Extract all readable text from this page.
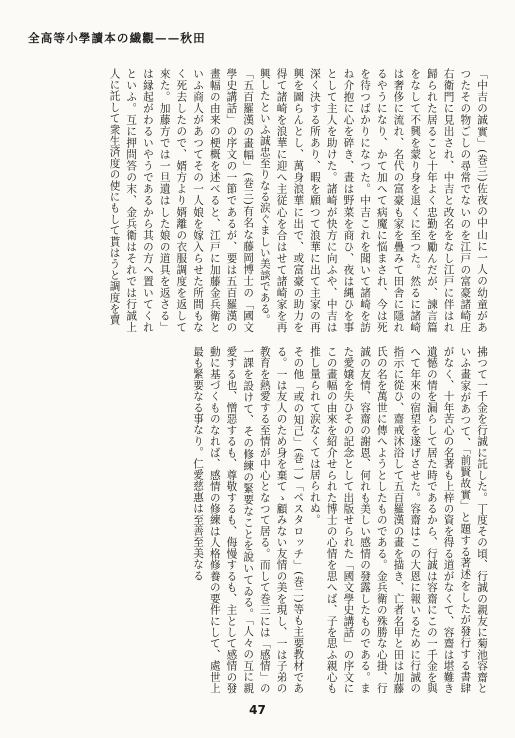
全高等小學讀本の繊觀——秋田

「中吉の誠實」(巻三)佐夜の中山に一人の幼童があつたその物ごしの尋常でないのを江戸の富豪諸崎庄右衛門に見出され、中吉と改名をなし江戸に伴はれ歸られた居ること十年よく忠勤を勵んだが、諫言篇をなして不興を蒙り身を退くに至つた。然るに諸崎は奢侈に流れ、名代の富豪も家を疊みて田舎に隱れるやうになり、かて加へて病魔に悩まされ、今は死を待つばかりになつた。中吉これを聞いて諸崎を訪ね介抱に心を碎き、晝は野菜を商ひ、夜は縄ひを事として主人を助けた。諸崎が快方に向ふや、中吉は深く決する所あり、暇を願つて浪華に出て主家の再興を圖らんとし、萬身浪華に出で、或富豪の助力を得て諸崎を浪華に迎へ主従心を合はせて諸崎家を再興したといふ誠忠至りなる涙ぐましい美談である。

「五百羅漢の畫幅」(巻三)有名な藤岡博士の「國文學史講話」の序文の一節であるが、要は五百羅漢の畫幅の由来の梗概を述べると、江戸に加藤金兵衛といふ商人があつてその一人娘を嫁入らせた所間もなく死去したので、婿方より婿離の衣服調度を返して來た。加藤方では一旦遺はした娘の道具を返さる」は縁起がわるいやうであるから其の方へ置いてくれといふ。互に押問答の末、金兵衛はそれでは行誠上人に託して衆生済度の使にもして貰はうと調度を賣

拂つて一千金を行誠に託した。丁度その頃、行誠の親友に菊池容齋といふ畫家があつて、「前賢故實」と題する著述をしたが發行する書肆がなく、十年苦心の名著も上梓の資を得る道がなくて、容齋は堪難き遺憾の情を漏らして居た時であるから、行誠は容齋にこの一千金を與へて年來の宿望を遂げさせた。容齋はこの大恩に報いるために行誠の指示に從ひ、齋戒沐浴して五百羅漢の畫を描き、亡者名甲と田は加藤氏の名を萬世に傳へようとしたものである。金兵衛の殊勝な心掛、行誠の友情、容齋の謝恩、何れも美しい感情の發露したものである。また愛嬢を失ひその記念として出版せられた「國文學史講話」の序文にこの畫幅の由來を紹介せられた博士の心情を思へば、子を思ふ親心も推し量られて涙なくては居られぬ。

その他「或の知己」(巻一)「ペスタロッチ」(巻二)等も主要教材である。一は友人のため身を棄てゝ顧みない友情の美を現し、一は子弟の教育を熱愛する至情が中心となつて居る。而して巻三には「感情」の一課を設けて、その修練の緊要なことを說いてゐる。「人々の互に親愛する也、憎惡するも、尊敬するも、侮慢するも、主として感情の發動に基づくものなれば、感情の修練は人格修養の要件にして、處世上最も緊要なる事なり。仁愛慈惠は至善至美なる

47
